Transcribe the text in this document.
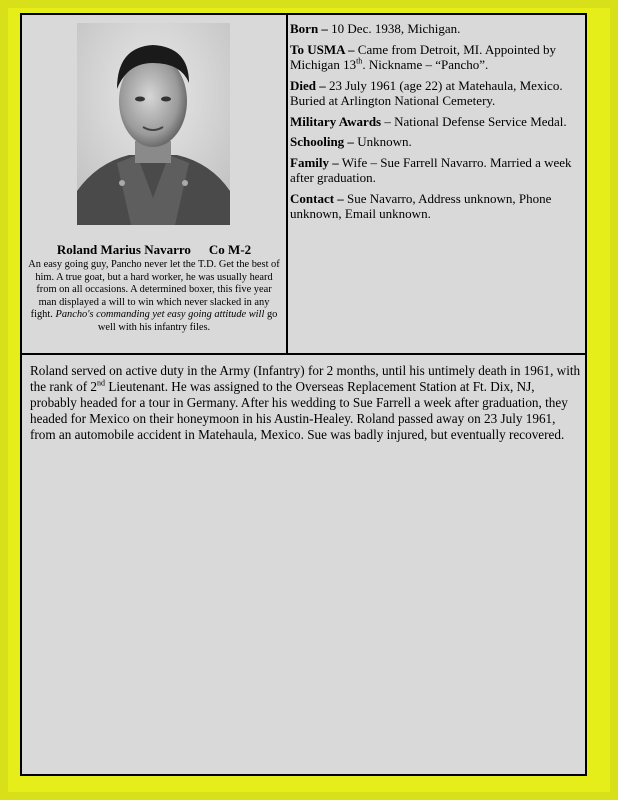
Roland Marius Navarro Co M-2
An easy going guy, Pancho never let the T.D. Get the best of him. A true goat, but a hard worker, he was usually heard from on all occasions. A determined boxer, this five year man displayed a will to win which never slacked in any fight. Pancho's commanding yet easy going attitude will go well with his infantry files.

Born – 10 Dec. 1938, Michigan.

To USMA – Came from Detroit, MI. Appointed by Michigan 13th. Nickname – “Pancho”.

Died – 23 July 1961 (age 22) at Matehaula, Mexico. Buried at Arlington National Cemetery.

Military Awards – National Defense Service Medal.

Schooling – Unknown.

Family – Wife – Sue Farrell Navarro. Married a week after graduation.

Contact – Sue Navarro, Address unknown, Phone unknown, Email unknown.

Roland served on active duty in the Army (Infantry) for 2 months, until his untimely death in 1961, with the rank of 2nd Lieutenant. He was assigned to the Overseas Replacement Station at Ft. Dix, NJ, probably headed for a tour in Germany. After his wedding to Sue Farrell a week after graduation, they headed for Mexico on their honeymoon in his Austin-Healey. Roland passed away on 23 July 1961, from an automobile accident in Matehaula, Mexico. Sue was badly injured, but eventually recovered.
